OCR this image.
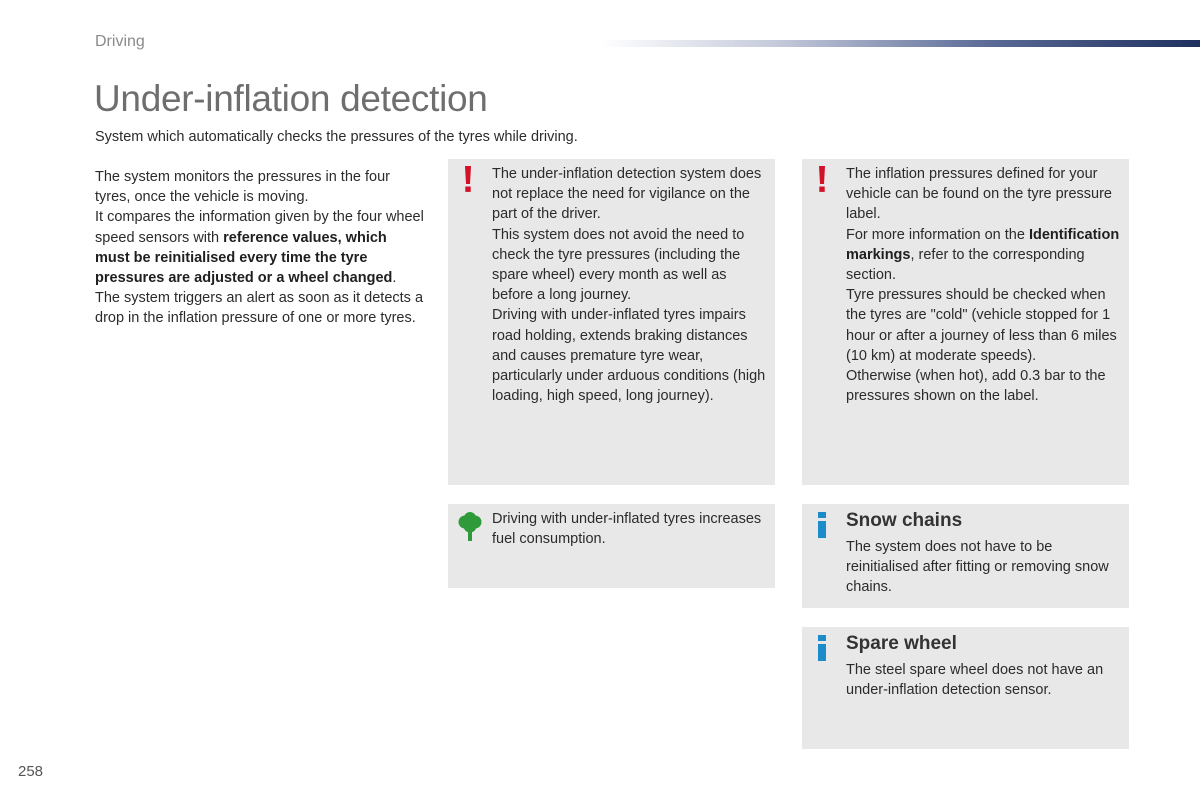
Driving
Under-inflation detection
System which automatically checks the pressures of the tyres while driving.

The system monitors the pressures in the four tyres, once the vehicle is moving.

It compares the information given by the four wheel speed sensors with reference values, which must be reinitialised every time the tyre pressures are adjusted or a wheel changed.

The system triggers an alert as soon as it detects a drop in the inflation pressure of one or more tyres.

The under-inflation detection system does not replace the need for vigilance on the part of the driver.

This system does not avoid the need to check the tyre pressures (including the spare wheel) every month as well as before a long journey.

Driving with under-inflated tyres impairs road holding, extends braking distances and causes premature tyre wear, particularly under arduous conditions (high loading, high speed, long journey).

The inflation pressures defined for your vehicle can be found on the tyre pressure label.

For more information on the Identification markings, refer to the corresponding section.

Tyre pressures should be checked when the tyres are "cold" (vehicle stopped for 1 hour or after a journey of less than 6 miles (10 km) at moderate speeds).

Otherwise (when hot), add 0.3 bar to the pressures shown on the label.

Driving with under-inflated tyres increases fuel consumption.

Snow chains

The system does not have to be reinitialised after fitting or removing snow chains.

Spare wheel

The steel spare wheel does not have an under-inflation detection sensor.

258
